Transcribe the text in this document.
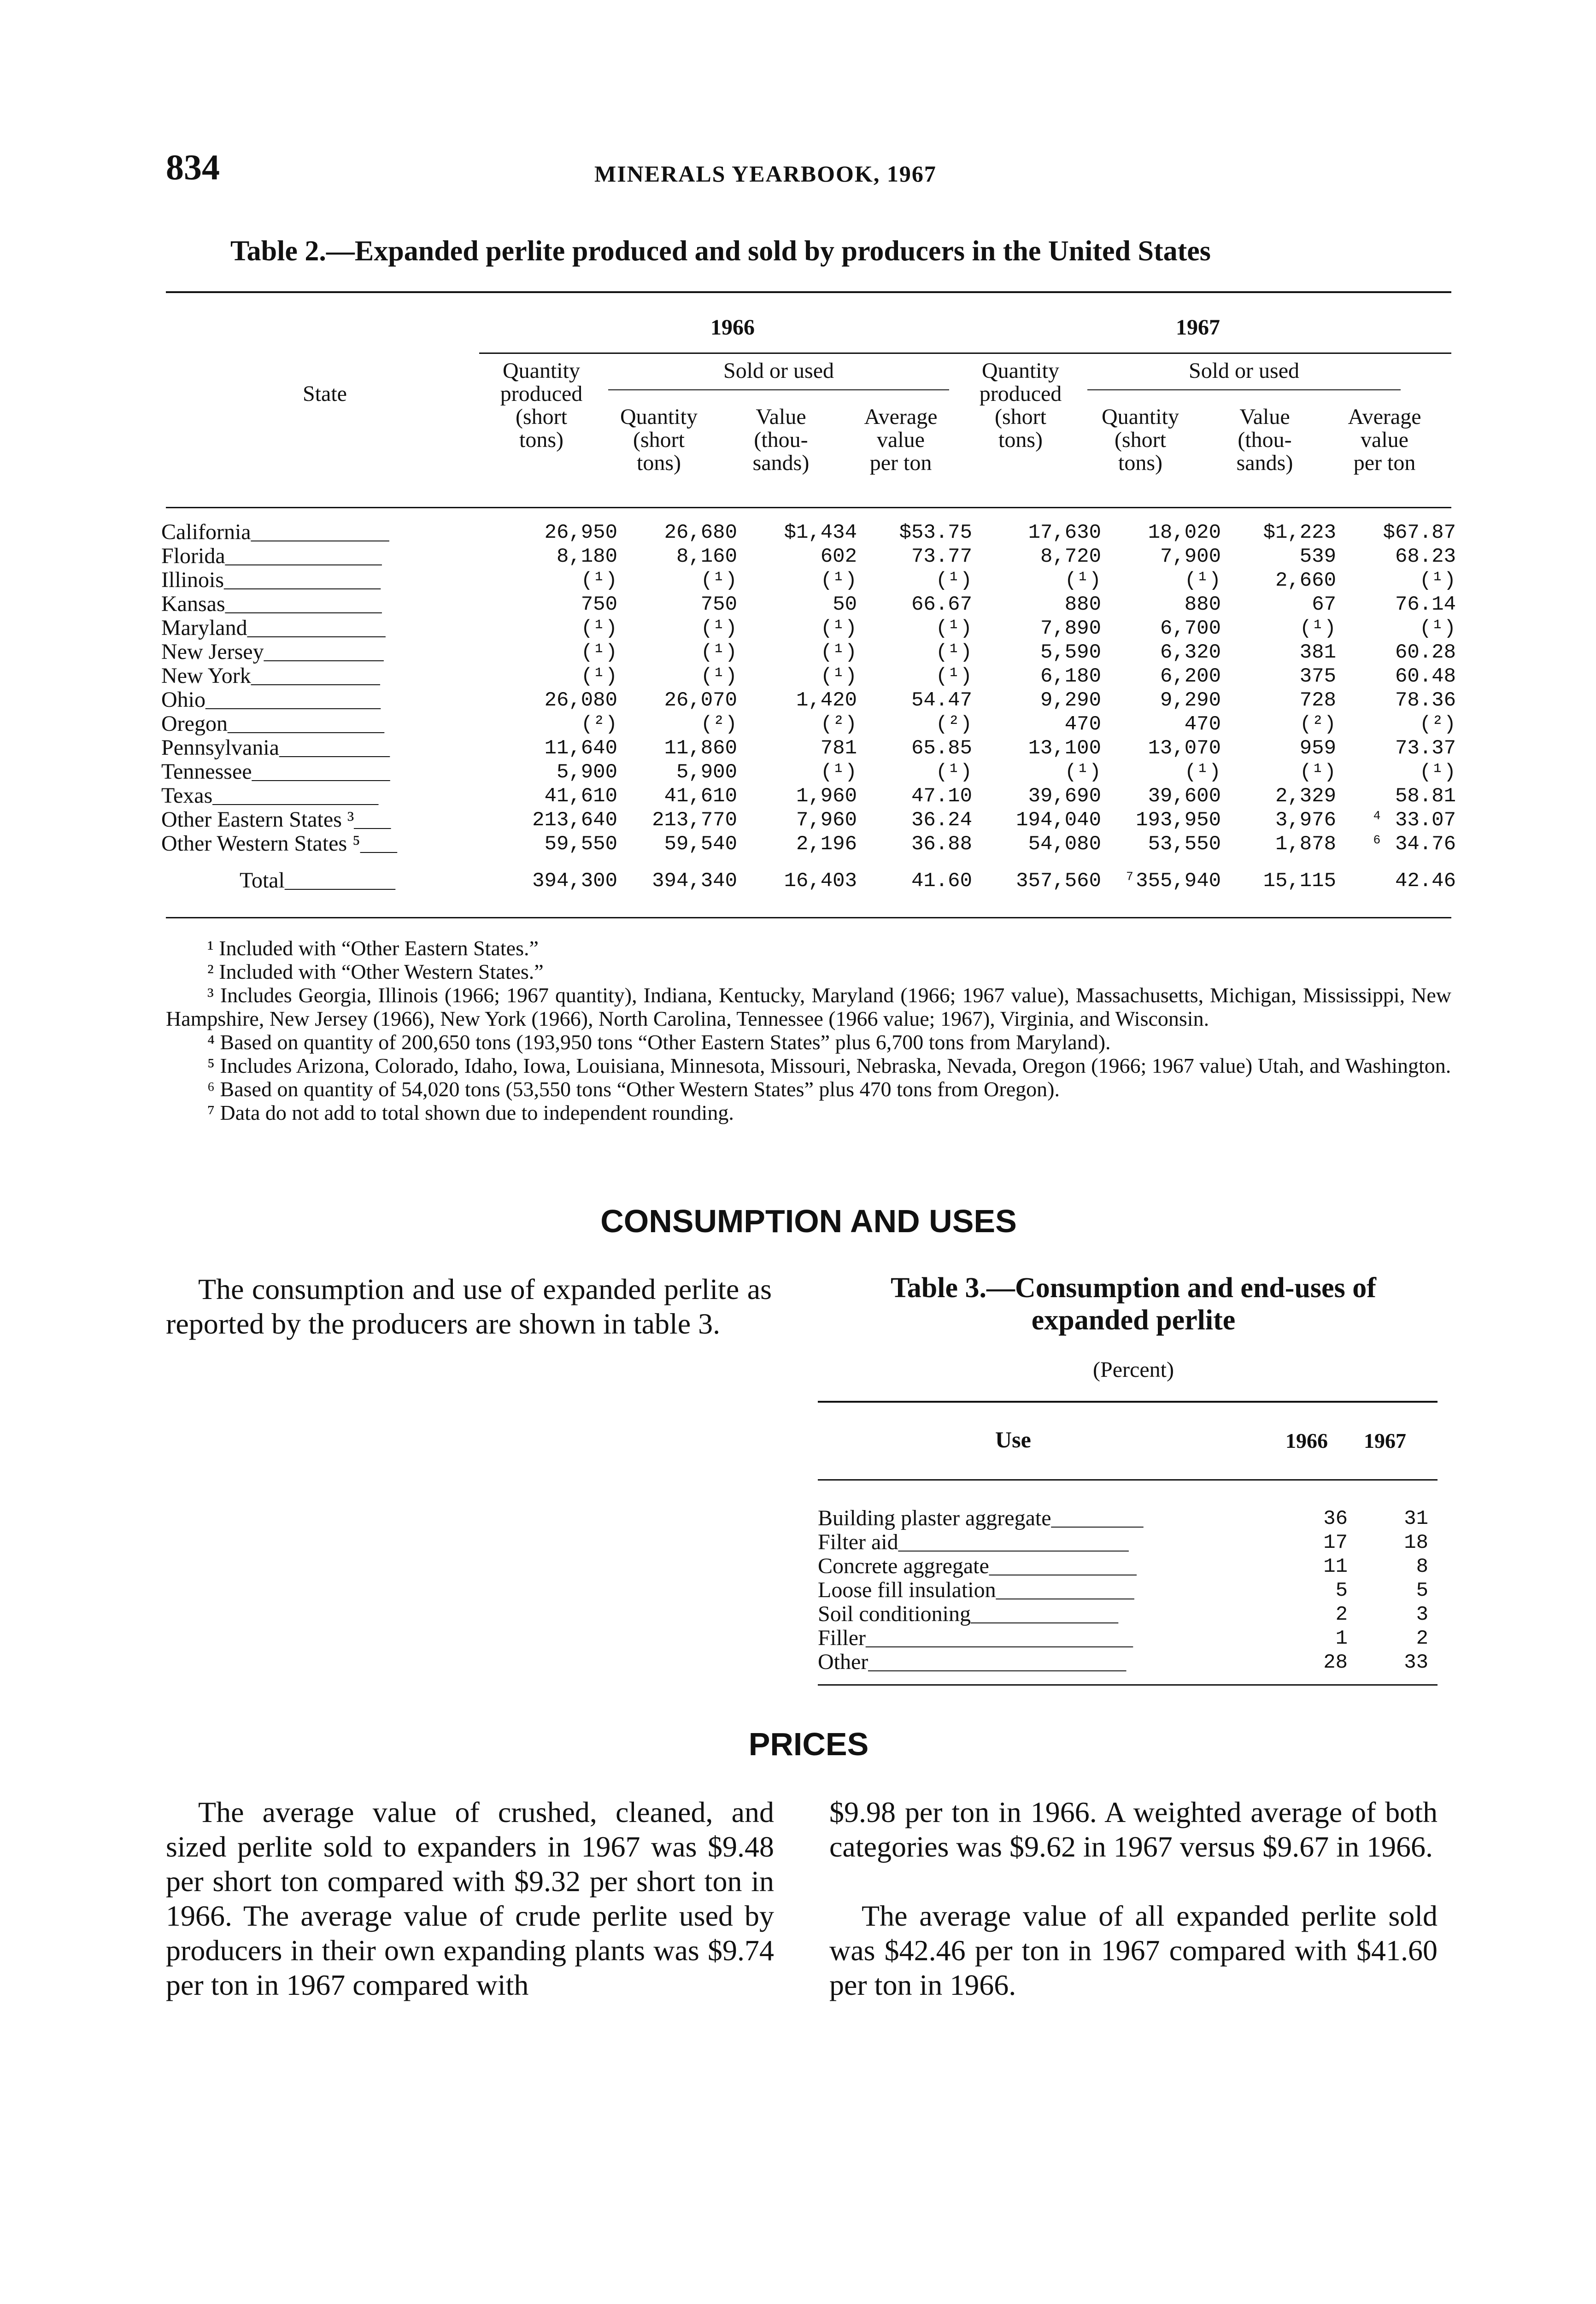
834	MINERALS YEARBOOK, 1967
Table 2.—Expanded perlite produced and sold by producers in the United States
1966	1967
State
Quantity
produced
(short
tons)
Sold or used
Quantity
(short
tons)
Value
(thou-
sands)
Average
value
per ton
Quantity
produced
(short
tons)
Sold or used
Quantity
(short
tons)
Value
(thou-
sands)
Average
value
per ton
California_______________	26,950	26,680	$1,434	$53.75	17,630	18,020	$1,223	$67.87
Florida_________________	8,180	8,160	602	73.77	8,720	7,900	539	68.23
Illinois_________________	(¹)	(¹)	(¹)	(¹)	(¹)	(¹)	2,660	(¹)
Kansas_________________	750	750	50	66.67	880	880	67	76.14
Maryland_______________	(¹)	(¹)	(¹)	(¹)	7,890	6,700	(¹)	(¹)
New Jersey_____________	(¹)	(¹)	(¹)	(¹)	5,590	6,320	381	60.28
New York______________	(¹)	(¹)	(¹)	(¹)	6,180	6,200	375	60.48
Ohio___________________	26,080	26,070	1,420	54.47	9,290	9,290	728	78.36
Oregon_________________	(²)	(²)	(²)	(²)	470	470	(²)	(²)
Pennsylvania____________	11,640	11,860	781	65.85	13,100	13,070	959	73.37
Tennessee_______________	5,900	5,900	(¹)	(¹)	(¹)	(¹)	(¹)	(¹)
Texas__________________	41,610	41,610	1,960	47.10	39,690	39,600	2,329	58.81
Other Eastern States ³____	213,640	213,770	7,960	36.24	194,040	193,950	3,976	⁴ 33.07
Other Western States ⁵____	59,550	59,540	2,196	36.88	54,080	53,550	1,878	⁶ 34.76
Total____________	394,300	394,340	16,403	41.60	357,560	⁷355,940	15,115	42.46

¹ Included with “Other Eastern States.”

² Included with “Other Western States.”

³ Includes Georgia, Illinois (1966; 1967 quantity), Indiana, Kentucky, Maryland (1966; 1967 value), Massachusetts, Michigan, Mississippi, New Hampshire, New Jersey (1966), New York (1966), North Carolina, Tennessee (1966 value; 1967), Virginia, and Wisconsin.

⁴ Based on quantity of 200,650 tons (193,950 tons “Other Eastern States” plus 6,700 tons from Maryland).

⁵ Includes Arizona, Colorado, Idaho, Iowa, Louisiana, Minnesota, Missouri, Nebraska, Nevada, Oregon (1966; 1967 value) Utah, and Washington.

⁶ Based on quantity of 54,020 tons (53,550 tons “Other Western States” plus 470 tons from Oregon).

⁷ Data do not add to total shown due to independent rounding.

CONSUMPTION AND USES
The consumption and use of expanded perlite as reported by the producers are shown in table 3.
Table 3.—Consumption and end-uses of
expanded perlite
(Percent)
Use	1966 1967
Building plaster aggregate__________	36	31
Filter aid_________________________	17	18
Concrete aggregate________________	11	8
Loose fill insulation_______________	5	5
Soil conditioning________________	2	3
Filler_____________________________	1	2
Other____________________________	28	33
PRICES
The average value of crushed, cleaned, and sized perlite sold to expanders in 1967 was $9.48 per short ton compared with $9.32 per short ton in 1966. The average value of crude perlite used by producers in their own expanding plants was $9.74 per ton in 1967 compared with
$9.98 per ton in 1966. A weighted average of both categories was $9.62 in 1967 versus $9.67 in 1966.
The average value of all expanded perlite sold was $42.46 per ton in 1967 compared with $41.60 per ton in 1966.
